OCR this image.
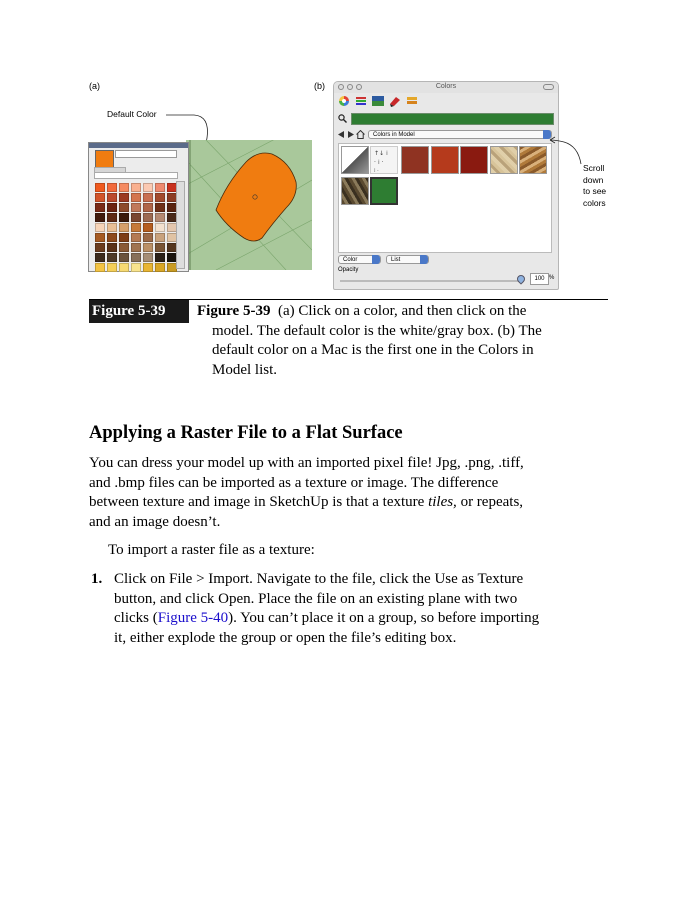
(a)	(b)
Default Color
Colors
Colors in Model
↑↓ ⁞
· ⁞ ·
⁞ ·
Color	List
Opacity
100 %
Scroll
down
to see
colors
Figure 5-39	Figure 5-39 (a) Click on a color, and then click on the
model. The default color is the white/gray box. (b) The
default color on a Mac is the first one in the Colors in
Model list.
Applying a Raster File to a Flat Surface
You can dress your model up with an imported pixel file! Jpg, .png, .tiff,
and .bmp files can be imported as a texture or image. The difference
between texture and image in SketchUp is that a texture tiles, or repeats,
and an image doesn’t.
To import a raster file as a texture:
1. Click on File > Import. Navigate to the file, click the Use as Texture
button, and click Open. Place the file on an existing plane with two
clicks (Figure 5-40). You can’t place it on a group, so before importing
it, either explode the group or open the file’s editing box.
